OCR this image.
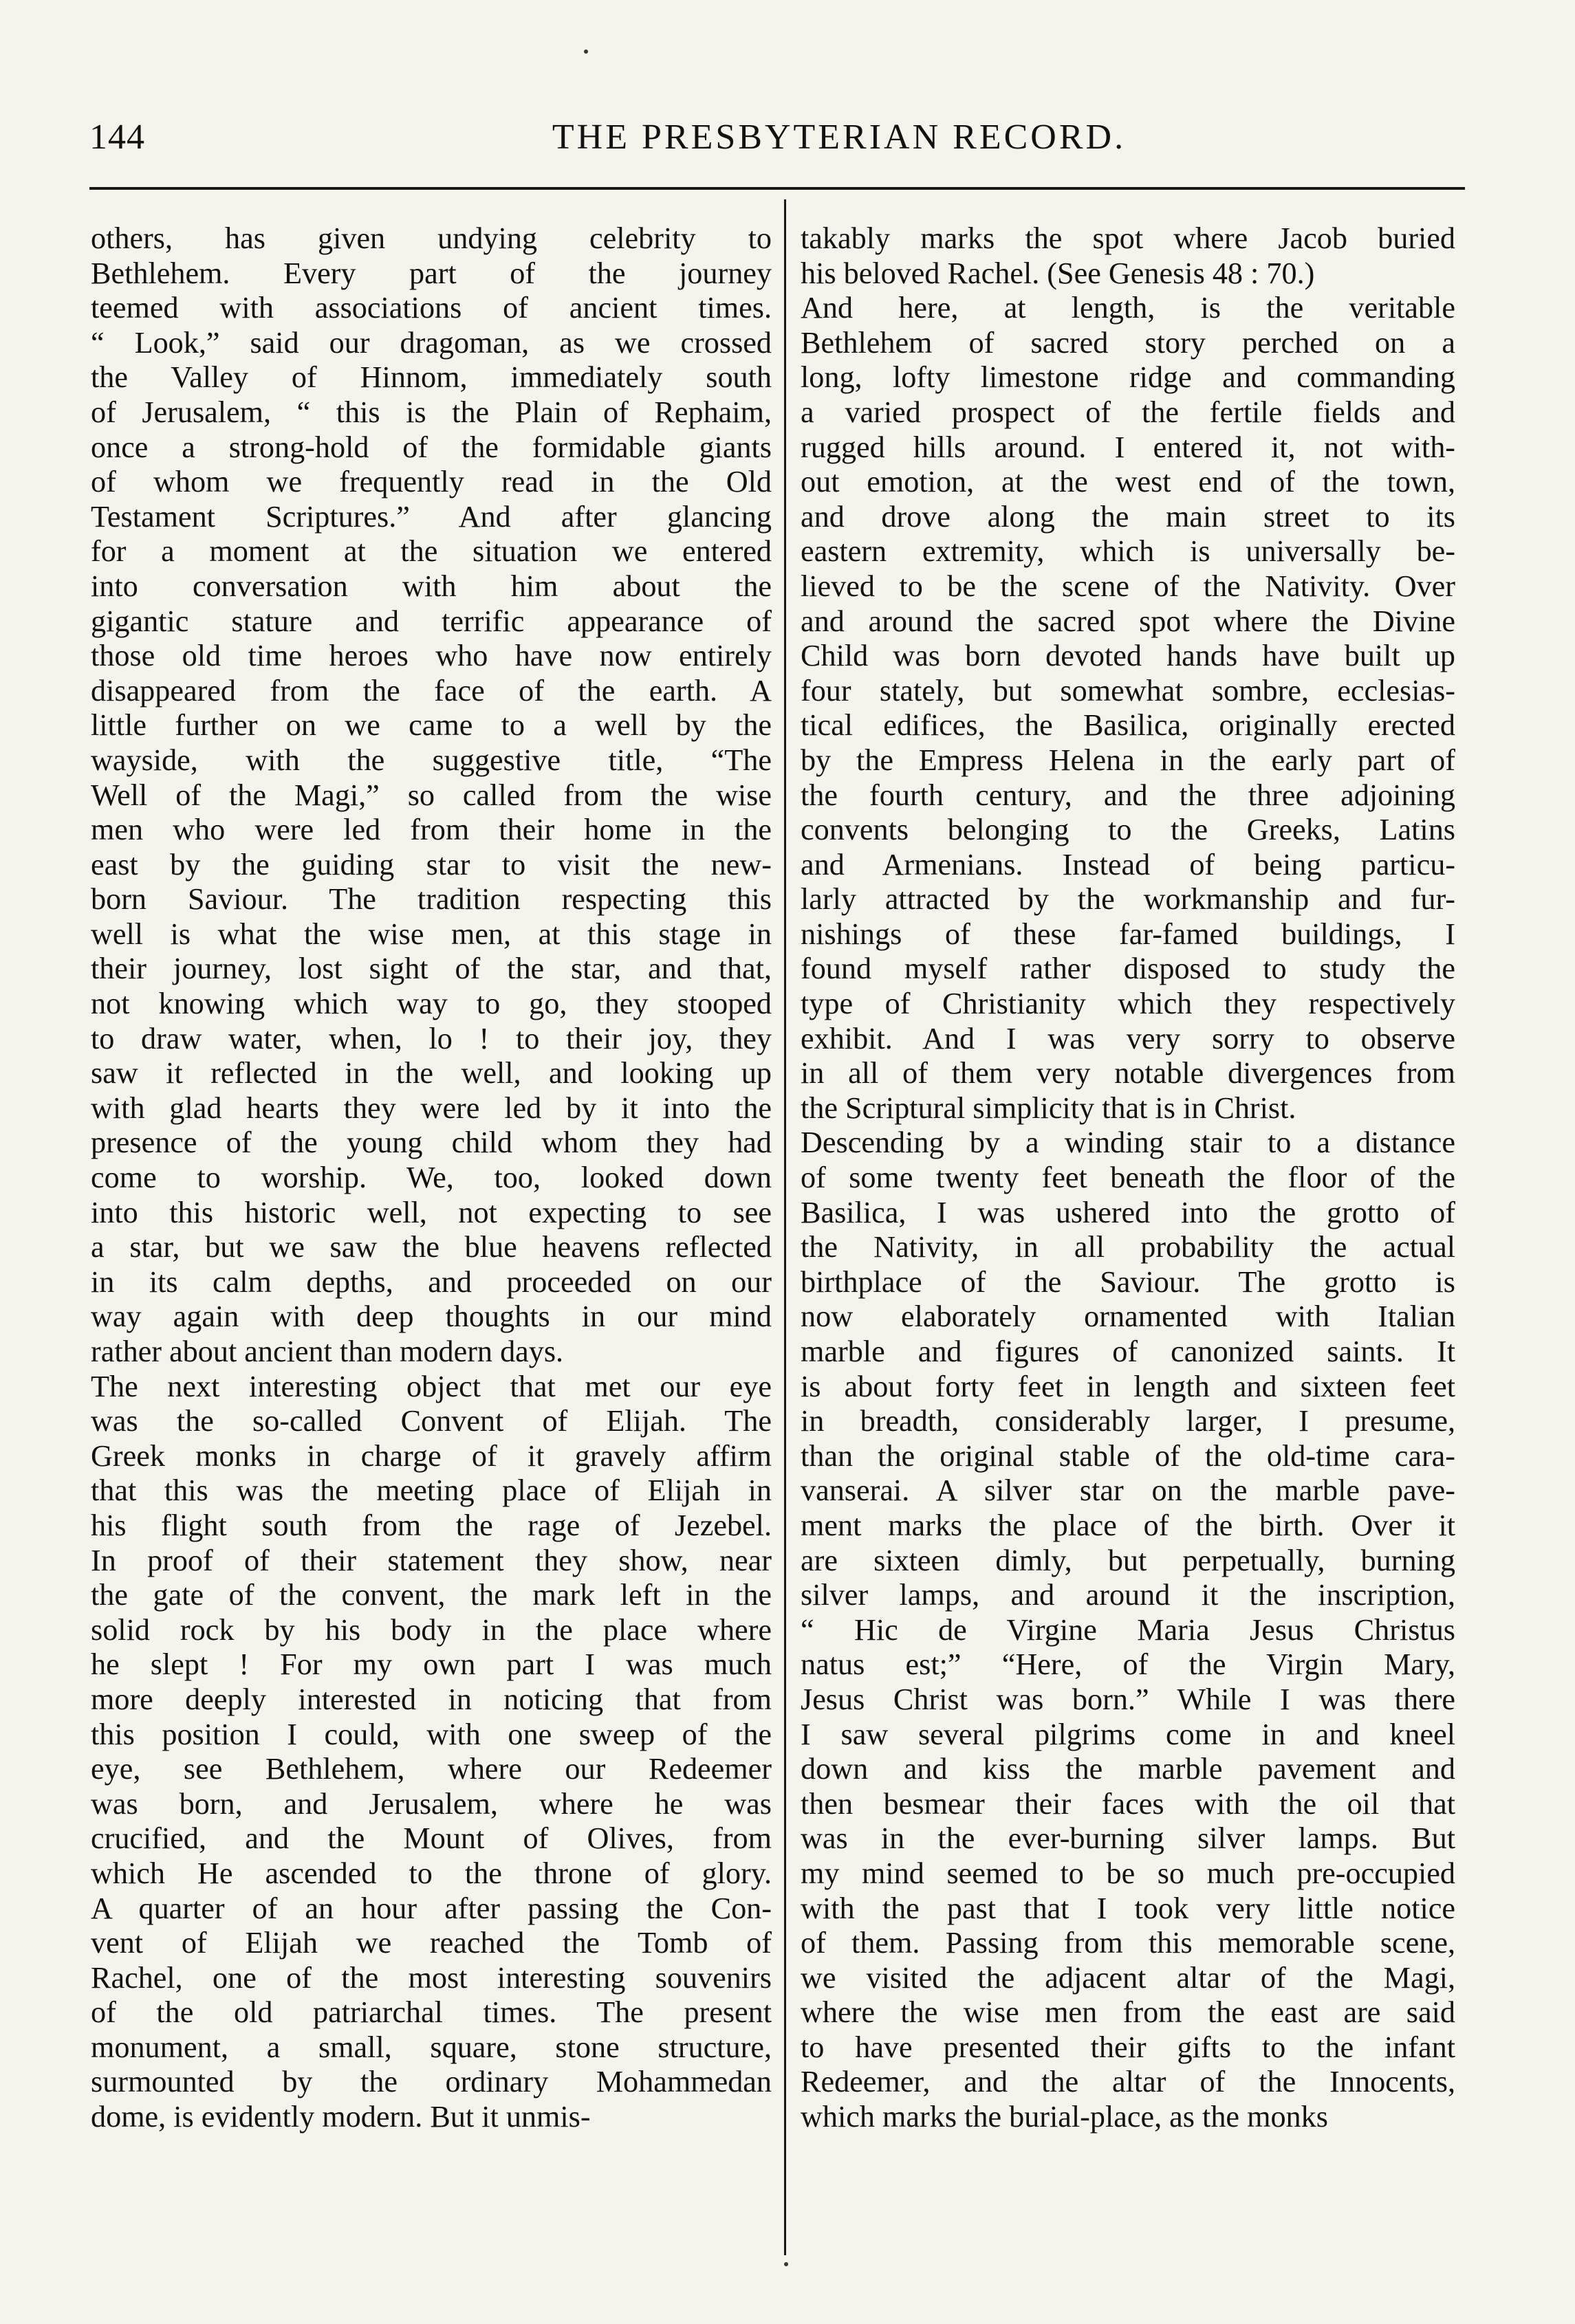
144	THE PRESBYTERIAN RECORD.
others, has given undying celebrity to
Bethlehem. Every part of the journey
teemed with associations of ancient times.
“ Look,” said our dragoman, as we crossed
the Valley of Hinnom, immediately south
of Jerusalem, “ this is the Plain of Rephaim,
once a strong-hold of the formidable giants
of whom we frequently read in the Old
Testament Scriptures.” And after glancing
for a moment at the situation we entered
into conversation with him about the
gigantic stature and terrific appearance of
those old time heroes who have now entirely
disappeared from the face of the earth. A
little further on we came to a well by the
wayside, with the suggestive title, “The
Well of the Magi,” so called from the wise
men who were led from their home in the
east by the guiding star to visit the new-
born Saviour. The tradition respecting this
well is what the wise men, at this stage in
their journey, lost sight of the star, and that,
not knowing which way to go, they stooped
to draw water, when, lo ! to their joy, they
saw it reflected in the well, and looking up
with glad hearts they were led by it into the
presence of the young child whom they had
come to worship. We, too, looked down
into this historic well, not expecting to see
a star, but we saw the blue heavens reflected
in its calm depths, and proceeded on our
way again with deep thoughts in our mind
rather about ancient than modern days.
The next interesting object that met our eye
was the so-called Convent of Elijah. The
Greek monks in charge of it gravely affirm
that this was the meeting place of Elijah in
his flight south from the rage of Jezebel.
In proof of their statement they show, near
the gate of the convent, the mark left in the
solid rock by his body in the place where
he slept ! For my own part I was much
more deeply interested in noticing that from
this position I could, with one sweep of the
eye, see Bethlehem, where our Redeemer
was born, and Jerusalem, where he was
crucified, and the Mount of Olives, from
which He ascended to the throne of glory.
A quarter of an hour after passing the Con-
vent of Elijah we reached the Tomb of
Rachel, one of the most interesting souvenirs
of the old patriarchal times. The present
monument, a small, square, stone structure,
surmounted by the ordinary Mohammedan
dome, is evidently modern. But it unmis-
takably marks the spot where Jacob buried
his beloved Rachel. (See Genesis 48 : 70.)
And here, at length, is the veritable
Bethlehem of sacred story perched on a
long, lofty limestone ridge and commanding
a varied prospect of the fertile fields and
rugged hills around. I entered it, not with-
out emotion, at the west end of the town,
and drove along the main street to its
eastern extremity, which is universally be-
lieved to be the scene of the Nativity. Over
and around the sacred spot where the Divine
Child was born devoted hands have built up
four stately, but somewhat sombre, ecclesias-
tical edifices, the Basilica, originally erected
by the Empress Helena in the early part of
the fourth century, and the three adjoining
convents belonging to the Greeks, Latins
and Armenians. Instead of being particu-
larly attracted by the workmanship and fur-
nishings of these far-famed buildings, I
found myself rather disposed to study the
type of Christianity which they respectively
exhibit. And I was very sorry to observe
in all of them very notable divergences from
the Scriptural simplicity that is in Christ.
Descending by a winding stair to a distance
of some twenty feet beneath the floor of the
Basilica, I was ushered into the grotto of
the Nativity, in all probability the actual
birthplace of the Saviour. The grotto is
now elaborately ornamented with Italian
marble and figures of canonized saints. It
is about forty feet in length and sixteen feet
in breadth, considerably larger, I presume,
than the original stable of the old-time cara-
vanserai. A silver star on the marble pave-
ment marks the place of the birth. Over it
are sixteen dimly, but perpetually, burning
silver lamps, and around it the inscription,
“ Hic de Virgine Maria Jesus Christus
natus est;” “Here, of the Virgin Mary,
Jesus Christ was born.” While I was there
I saw several pilgrims come in and kneel
down and kiss the marble pavement and
then besmear their faces with the oil that
was in the ever-burning silver lamps. But
my mind seemed to be so much pre-occupied
with the past that I took very little notice
of them. Passing from this memorable scene,
we visited the adjacent altar of the Magi,
where the wise men from the east are said
to have presented their gifts to the infant
Redeemer, and the altar of the Innocents,
which marks the burial-place, as the monks
